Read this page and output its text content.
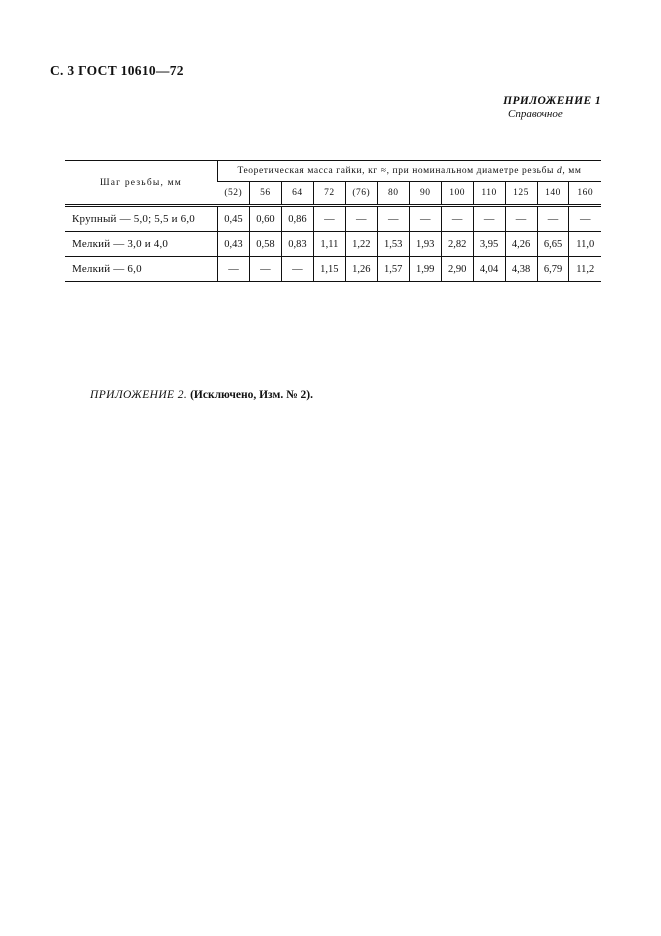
С. 3 ГОСТ 10610—72
ПРИЛОЖЕНИЕ 1
Справочное
Шаг резьбы, мм	Теоретическая масса гайки, кг ≈, при номинальном диаметре резьбы d, мм											
	(52)	56	64	72	(76)	80	90	100	110	125	140	160
Крупный — 5,0; 5,5 и 6,0	0,45	0,60	0,86	—	—	—	—	—	—	—	—	—
Мелкий — 3,0 и 4,0	0,43	0,58	0,83	1,11	1,22	1,53	1,93	2,82	3,95	4,26	6,65	11,0
Мелкий — 6,0	—	—	—	1,15	1,26	1,57	1,99	2,90	4,04	4,38	6,79	11,2
ПРИЛОЖЕНИЕ 2. (Исключено, Изм. № 2).
